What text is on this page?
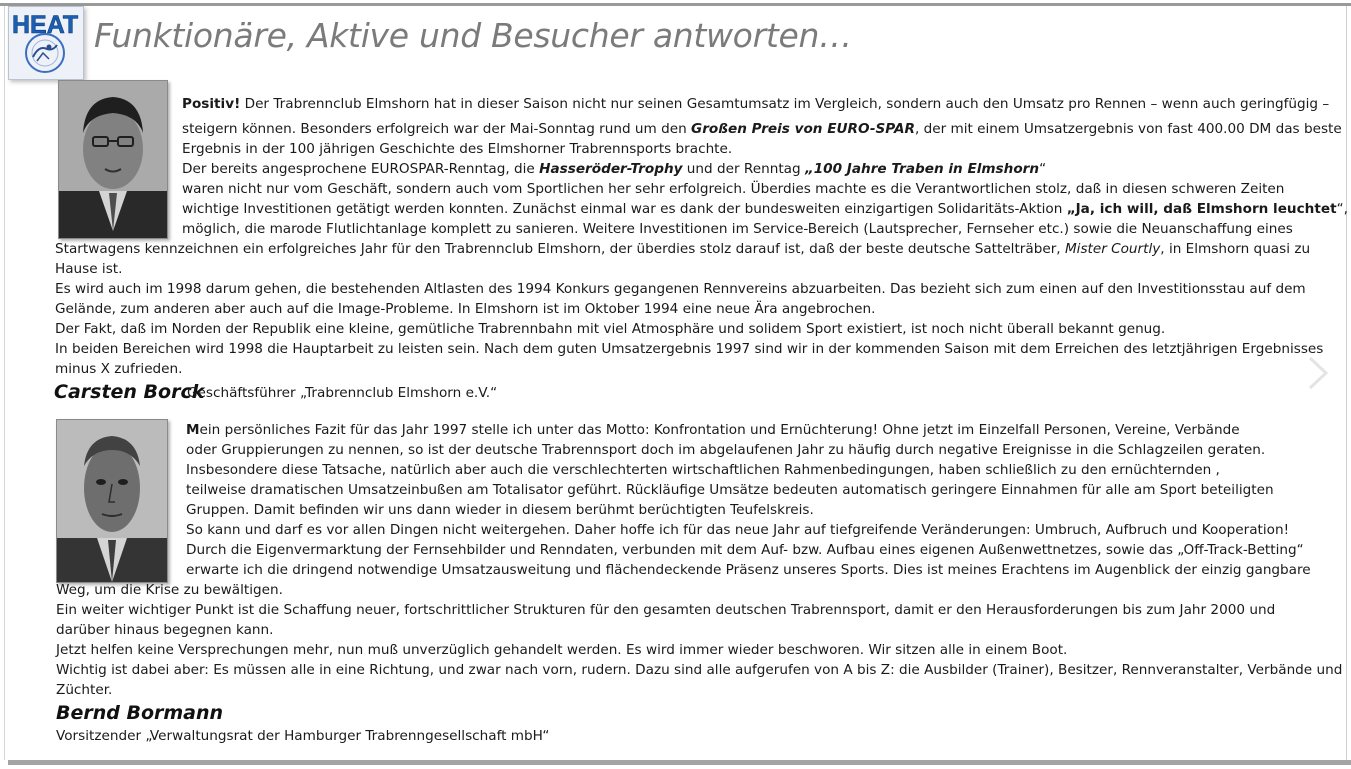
HEAT Funktionäre, Aktive und Besucher antworten…
Positiv! Der Trabrennclub Elmshorn hat in dieser Saison nicht nur seinen Gesamtumsatz im Vergleich, sondern auch den Umsatz pro Rennen – wenn auch geringfügig –
steigern können. Besonders erfolgreich war der Mai-Sonntag rund um den Großen Preis von EURO-SPAR, der mit einem Umsatzergebnis von fast 400.00 DM das beste
Ergebnis in der 100 jährigen Geschichte des Elmshorner Trabrennsports brachte.
Der bereits angesprochene EUROSPAR-Renntag, die Hasseröder-Trophy und der Renntag „100 Jahre Traben in Elmshorn“
waren nicht nur vom Geschäft, sondern auch vom Sportlichen her sehr erfolgreich. Überdies machte es die Verantwortlichen stolz, daß in diesen schweren Zeiten
wichtige Investitionen getätigt werden konnten. Zunächst einmal war es dank der bundesweiten einzigartigen Solidaritäts-Aktion „Ja, ich will, daß Elmshorn leuchtet“,
möglich, die marode Flutlichtanlage komplett zu sanieren. Weitere Investitionen im Service-Bereich (Lautsprecher, Fernseher etc.) sowie die Neuanschaffung eines
Startwagens kennzeichnen ein erfolgreiches Jahr für den Trabrennclub Elmshorn, der überdies stolz darauf ist, daß der beste deutsche Sattelträber, Mister Courtly, in Elmshorn quasi zu
Hause ist.
Es wird auch im 1998 darum gehen, die bestehenden Altlasten des 1994 Konkurs gegangenen Rennvereins abzuarbeiten. Das bezieht sich zum einen auf den Investitionsstau auf dem
Gelände, zum anderen aber auch auf die Image-Probleme. In Elmshorn ist im Oktober 1994 eine neue Ära angebrochen.
Der Fakt, daß im Norden der Republik eine kleine, gemütliche Trabrennbahn mit viel Atmosphäre und solidem Sport existiert, ist noch nicht überall bekannt genug.
In beiden Bereichen wird 1998 die Hauptarbeit zu leisten sein. Nach dem guten Umsatzergebnis 1997 sind wir in der kommenden Saison mit dem Erreichen des letztjährigen Ergebnisses
minus X zufrieden.
Carsten Borck
Geschäftsführer „Trabrennclub Elmshorn e.V.“
Mein persönliches Fazit für das Jahr 1997 stelle ich unter das Motto: Konfrontation und Ernüchterung! Ohne jetzt im Einzelfall Personen, Vereine, Verbände
oder Gruppierungen zu nennen, so ist der deutsche Trabrennsport doch im abgelaufenen Jahr zu häufig durch negative Ereignisse in die Schlagzeilen geraten.
Insbesondere diese Tatsache, natürlich aber auch die verschlechterten wirtschaftlichen Rahmenbedingungen, haben schließlich zu den ernüchternden ,
teilweise dramatischen Umsatzeinbußen am Totalisator geführt. Rückläufige Umsätze bedeuten automatisch geringere Einnahmen für alle am Sport beteiligten
Gruppen. Damit befinden wir uns dann wieder in diesem berühmt berüchtigten Teufelskreis.
So kann und darf es vor allen Dingen nicht weitergehen. Daher hoffe ich für das neue Jahr auf tiefgreifende Veränderungen: Umbruch, Aufbruch und Kooperation!
Durch die Eigenvermarktung der Fernsehbilder und Renndaten, verbunden mit dem Auf- bzw. Aufbau eines eigenen Außenwettnetzes, sowie das „Off-Track-Betting“
erwarte ich die dringend notwendige Umsatzausweitung und flächendeckende Präsenz unseres Sports. Dies ist meines Erachtens im Augenblick der einzig gangbare
Weg, um die Krise zu bewältigen.
Ein weiter wichtiger Punkt ist die Schaffung neuer, fortschrittlicher Strukturen für den gesamten deutschen Trabrennsport, damit er den Herausforderungen bis zum Jahr 2000 und
darüber hinaus begegnen kann.
Jetzt helfen keine Versprechungen mehr, nun muß unverzüglich gehandelt werden. Es wird immer wieder beschworen. Wir sitzen alle in einem Boot.
Wichtig ist dabei aber: Es müssen alle in eine Richtung, und zwar nach vorn, rudern. Dazu sind alle aufgerufen von A bis Z: die Ausbilder (Trainer), Besitzer, Rennveranstalter, Verbände und
Züchter.
Bernd Bormann
Vorsitzender „Verwaltungsrat der Hamburger Trabrenngesellschaft mbH“
